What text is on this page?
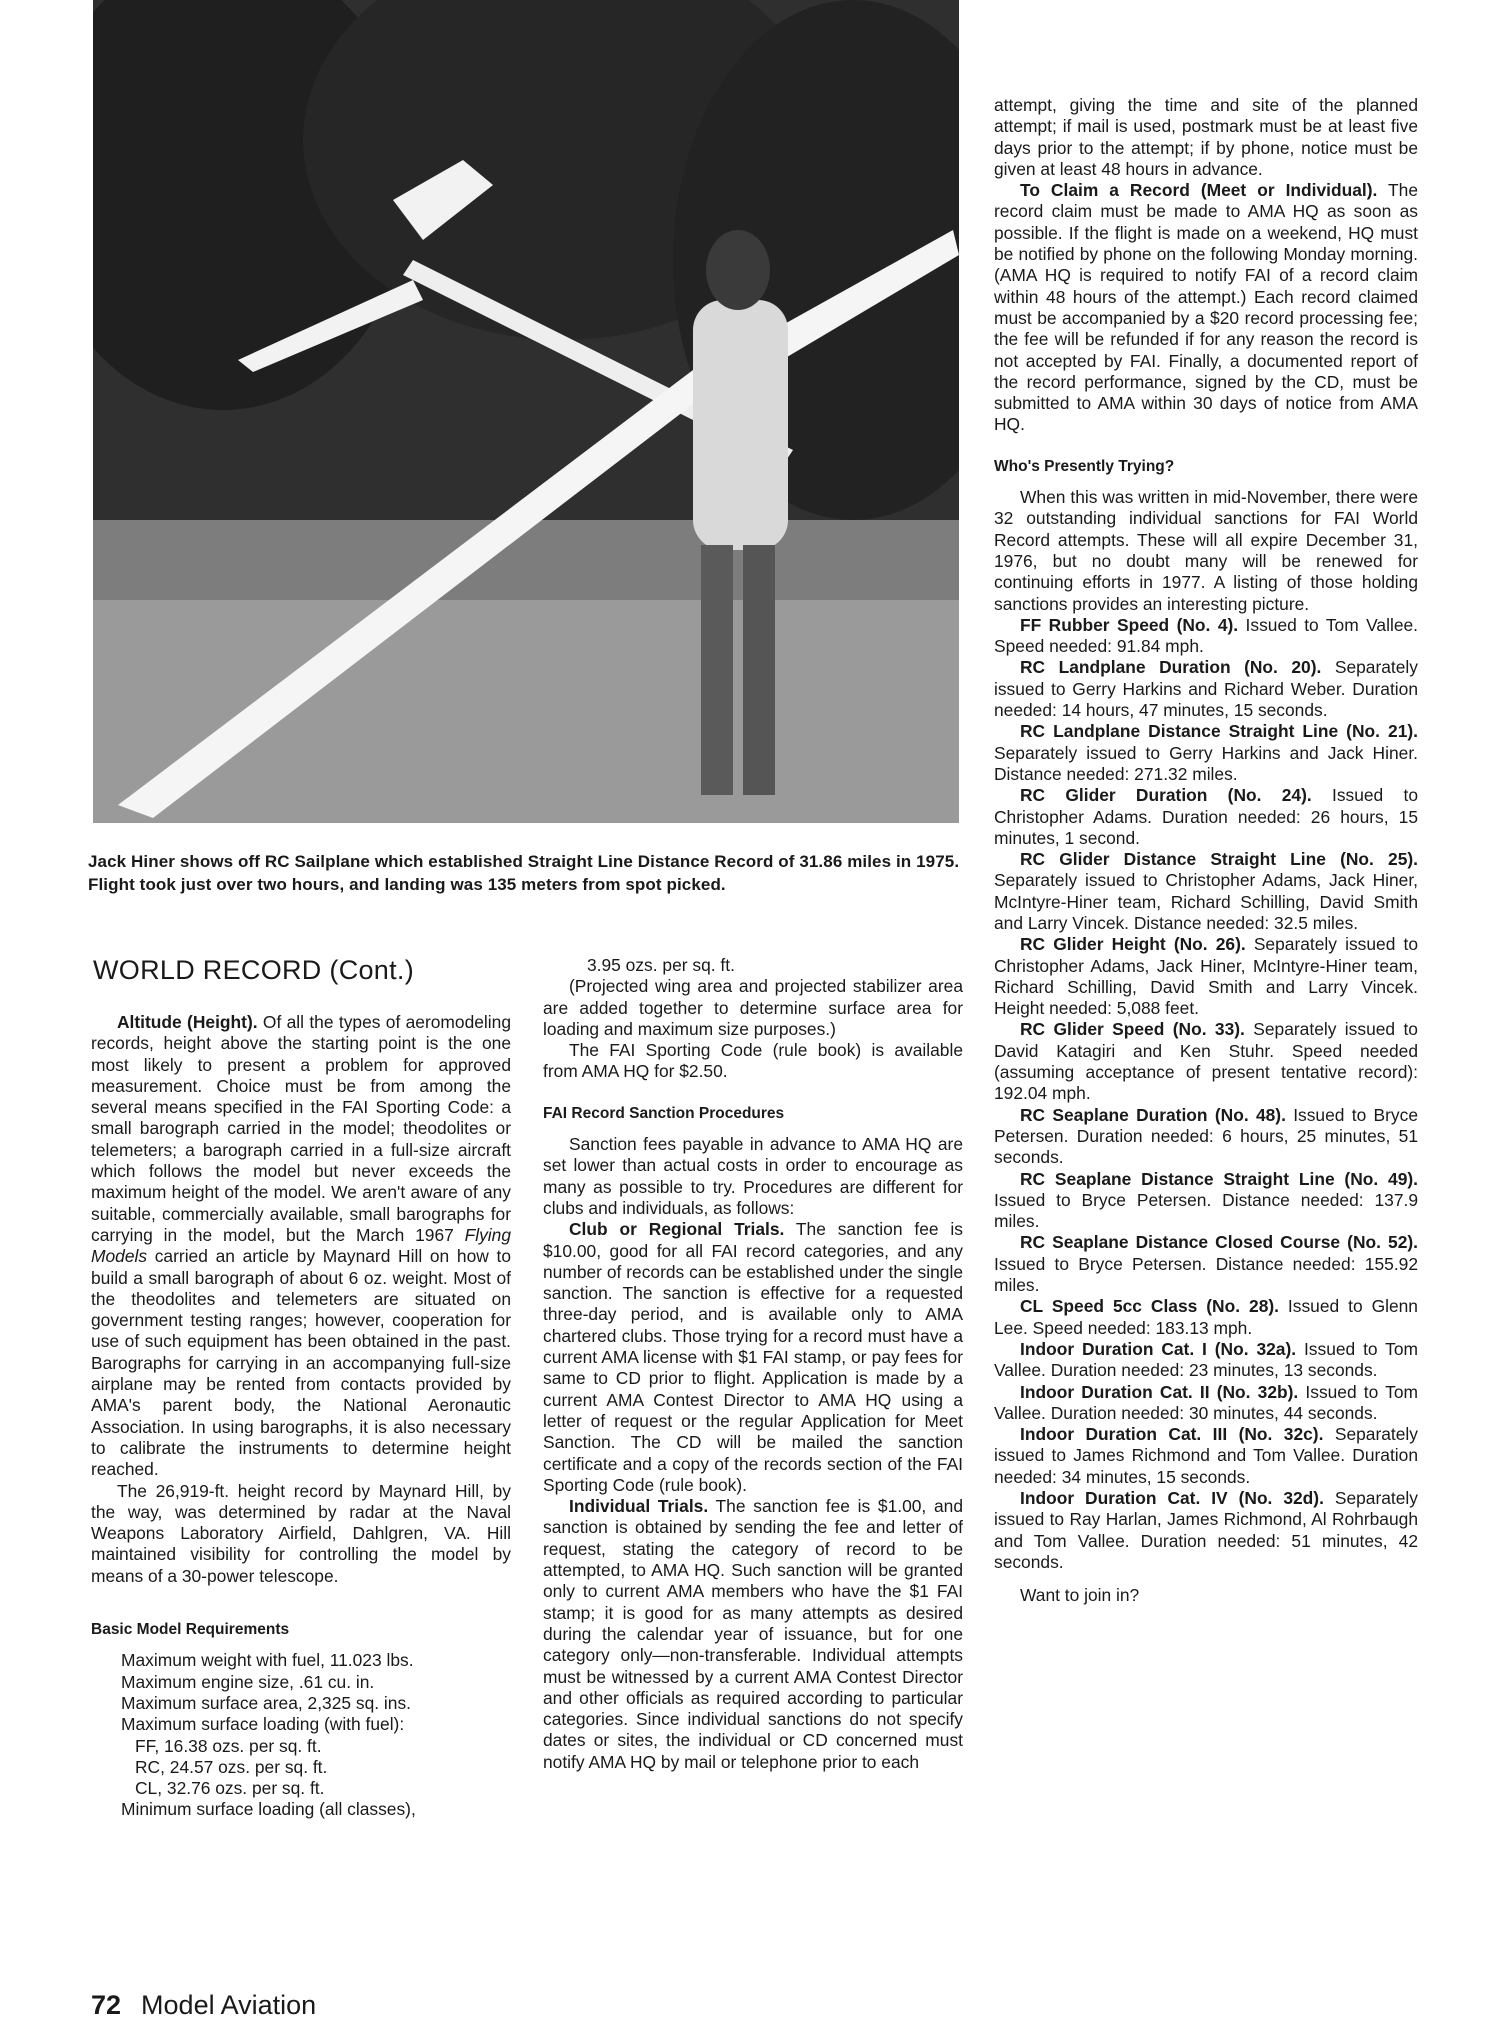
Jack Hiner shows off RC Sailplane which established Straight Line Distance Record of 31.86 miles in 1975. Flight took just over two hours, and landing was 135 meters from spot picked.
WORLD RECORD (Cont.)

Altitude (Height). Of all the types of aeromodeling records, height above the starting point is the one most likely to present a problem for approved measurement. Choice must be from among the several means specified in the FAI Sporting Code: a small barograph carried in the model; theodolites or telemeters; a barograph carried in a full-size aircraft which follows the model but never exceeds the maximum height of the model. We aren't aware of any suitable, commercially available, small barographs for carrying in the model, but the March 1967 Flying Models carried an article by Maynard Hill on how to build a small barograph of about 6 oz. weight. Most of the theodolites and telemeters are situated on government testing ranges; however, cooperation for use of such equipment has been obtained in the past. Barographs for carrying in an accompanying full-size airplane may be rented from contacts provided by AMA's parent body, the National Aeronautic Association. In using barographs, it is also necessary to calibrate the instruments to determine height reached.

The 26,919-ft. height record by Maynard Hill, by the way, was determined by radar at the Naval Weapons Laboratory Airfield, Dahlgren, VA. Hill maintained visibility for controlling the model by means of a 30-power telescope.

Basic Model Requirements
Maximum weight with fuel, 11.023 lbs.
Maximum engine size, .61 cu. in.
Maximum surface area, 2,325 sq. ins.
Maximum surface loading (with fuel):
FF, 16.38 ozs. per sq. ft.
RC, 24.57 ozs. per sq. ft.
CL, 32.76 ozs. per sq. ft.
Minimum surface loading (all classes),
3.95 ozs. per sq. ft.

(Projected wing area and projected stabilizer area are added together to determine surface area for loading and maximum size purposes.)

The FAI Sporting Code (rule book) is available from AMA HQ for $2.50.

FAI Record Sanction Procedures

Sanction fees payable in advance to AMA HQ are set lower than actual costs in order to encourage as many as possible to try. Procedures are different for clubs and individuals, as follows:

Club or Regional Trials. The sanction fee is $10.00, good for all FAI record categories, and any number of records can be established under the single sanction. The sanction is effective for a requested three-day period, and is available only to AMA chartered clubs. Those trying for a record must have a current AMA license with $1 FAI stamp, or pay fees for same to CD prior to flight. Application is made by a current AMA Contest Director to AMA HQ using a letter of request or the regular Application for Meet Sanction. The CD will be mailed the sanction certificate and a copy of the records section of the FAI Sporting Code (rule book).

Individual Trials. The sanction fee is $1.00, and sanction is obtained by sending the fee and letter of request, stating the category of record to be attempted, to AMA HQ. Such sanction will be granted only to current AMA members who have the $1 FAI stamp; it is good for as many attempts as desired during the calendar year of issuance, but for one category only—non-transferable. Individual attempts must be witnessed by a current AMA Contest Director and other officials as required according to particular categories. Since individual sanctions do not specify dates or sites, the individual or CD concerned must notify AMA HQ by mail or telephone prior to each

attempt, giving the time and site of the planned attempt; if mail is used, postmark must be at least five days prior to the attempt; if by phone, notice must be given at least 48 hours in advance.

To Claim a Record (Meet or Individual). The record claim must be made to AMA HQ as soon as possible. If the flight is made on a weekend, HQ must be notified by phone on the following Monday morning. (AMA HQ is required to notify FAI of a record claim within 48 hours of the attempt.) Each record claimed must be accompanied by a $20 record processing fee; the fee will be refunded if for any reason the record is not accepted by FAI. Finally, a documented report of the record performance, signed by the CD, must be submitted to AMA within 30 days of notice from AMA HQ.

Who's Presently Trying?

When this was written in mid-November, there were 32 outstanding individual sanctions for FAI World Record attempts. These will all expire December 31, 1976, but no doubt many will be renewed for continuing efforts in 1977. A listing of those holding sanctions provides an interesting picture.

FF Rubber Speed (No. 4). Issued to Tom Vallee. Speed needed: 91.84 mph.

RC Landplane Duration (No. 20). Separately issued to Gerry Harkins and Richard Weber. Duration needed: 14 hours, 47 minutes, 15 seconds.

RC Landplane Distance Straight Line (No. 21). Separately issued to Gerry Harkins and Jack Hiner. Distance needed: 271.32 miles.

RC Glider Duration (No. 24). Issued to Christopher Adams. Duration needed: 26 hours, 15 minutes, 1 second.

RC Glider Distance Straight Line (No. 25). Separately issued to Christopher Adams, Jack Hiner, McIntyre-Hiner team, Richard Schilling, David Smith and Larry Vincek. Distance needed: 32.5 miles.

RC Glider Height (No. 26). Separately issued to Christopher Adams, Jack Hiner, McIntyre-Hiner team, Richard Schilling, David Smith and Larry Vincek. Height needed: 5,088 feet.

RC Glider Speed (No. 33). Separately issued to David Katagiri and Ken Stuhr. Speed needed (assuming acceptance of present tentative record): 192.04 mph.

RC Seaplane Duration (No. 48). Issued to Bryce Petersen. Duration needed: 6 hours, 25 minutes, 51 seconds.

RC Seaplane Distance Straight Line (No. 49). Issued to Bryce Petersen. Distance needed: 137.9 miles.

RC Seaplane Distance Closed Course (No. 52). Issued to Bryce Petersen. Distance needed: 155.92 miles.

CL Speed 5cc Class (No. 28). Issued to Glenn Lee. Speed needed: 183.13 mph.

Indoor Duration Cat. I (No. 32a). Issued to Tom Vallee. Duration needed: 23 minutes, 13 seconds.

Indoor Duration Cat. II (No. 32b). Issued to Tom Vallee. Duration needed: 30 minutes, 44 seconds.

Indoor Duration Cat. III (No. 32c). Separately issued to James Richmond and Tom Vallee. Duration needed: 34 minutes, 15 seconds.

Indoor Duration Cat. IV (No. 32d). Separately issued to Ray Harlan, James Richmond, Al Rohrbaugh and Tom Vallee. Duration needed: 51 minutes, 42 seconds.

Want to join in?

72 Model Aviation
